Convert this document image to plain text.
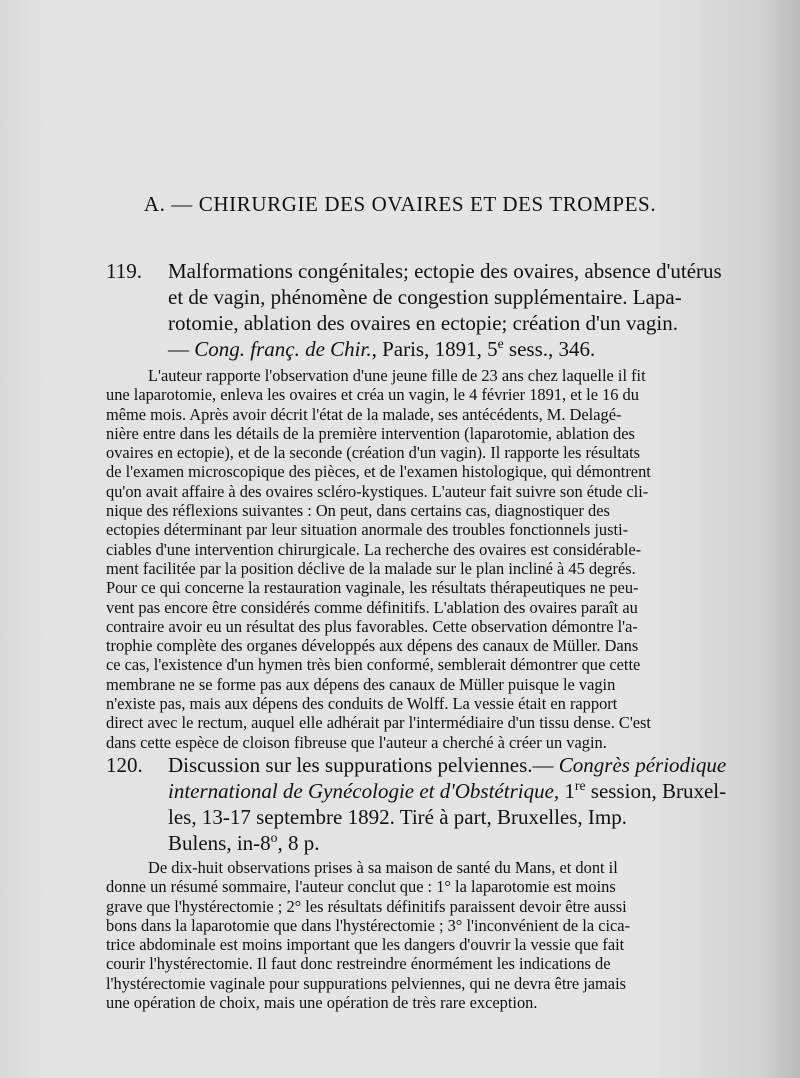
A. — CHIRURGIE DES OVAIRES ET DES TROMPES.
119. Malformations congénitales; ectopie des ovaires, absence d'utérus
et de vagin, phénomène de congestion supplémentaire. Lapa-
rotomie, ablation des ovaires en ectopie; création d'un vagin.
— Cong. franç. de Chir., Paris, 1891, 5e sess., 346.
L'auteur rapporte l'observation d'une jeune fille de 23 ans chez laquelle il fit
une laparotomie, enleva les ovaires et créa un vagin, le 4 février 1891, et le 16 du
même mois. Après avoir décrit l'état de la malade, ses antécédents, M. Delagé-
nière entre dans les détails de la première intervention (laparotomie, ablation des
ovaires en ectopie), et de la seconde (création d'un vagin). Il rapporte les résultats
de l'examen microscopique des pièces, et de l'examen histologique, qui démontrent
qu'on avait affaire à des ovaires scléro-kystiques. L'auteur fait suivre son étude cli-
nique des réflexions suivantes : On peut, dans certains cas, diagnostiquer des
ectopies déterminant par leur situation anormale des troubles fonctionnels justi-
ciables d'une intervention chirurgicale. La recherche des ovaires est considérable-
ment facilitée par la position déclive de la malade sur le plan incliné à 45 degrés.
Pour ce qui concerne la restauration vaginale, les résultats thérapeutiques ne peu-
vent pas encore être considérés comme définitifs. L'ablation des ovaires paraît au
contraire avoir eu un résultat des plus favorables. Cette observation démontre l'a-
trophie complète des organes développés aux dépens des canaux de Müller. Dans
ce cas, l'existence d'un hymen très bien conformé, semblerait démontrer que cette
membrane ne se forme pas aux dépens des canaux de Müller puisque le vagin
n'existe pas, mais aux dépens des conduits de Wolff. La vessie était en rapport
direct avec le rectum, auquel elle adhérait par l'intermédiaire d'un tissu dense. C'est
dans cette espèce de cloison fibreuse que l'auteur a cherché à créer un vagin.
120. Discussion sur les suppurations pelviennes.— Congrès périodique
international de Gynécologie et d'Obstétrique, 1re session, Bruxel-
les, 13-17 septembre 1892. Tiré à part, Bruxelles, Imp.
Bulens, in-8$^o$, 8 p.
De dix-huit observations prises à sa maison de santé du Mans, et dont il
donne un résumé sommaire, l'auteur conclut que : 1° la laparotomie est moins
grave que l'hystérectomie ; 2° les résultats définitifs paraissent devoir être aussi
bons dans la laparotomie que dans l'hystérectomie ; 3° l'inconvénient de la cica-
trice abdominale est moins important que les dangers d'ouvrir la vessie que fait
courir l'hystérectomie. Il faut donc restreindre énormément les indications de
l'hystérectomie vaginale pour suppurations pelviennes, qui ne devra être jamais
une opération de choix, mais une opération de très rare exception.
